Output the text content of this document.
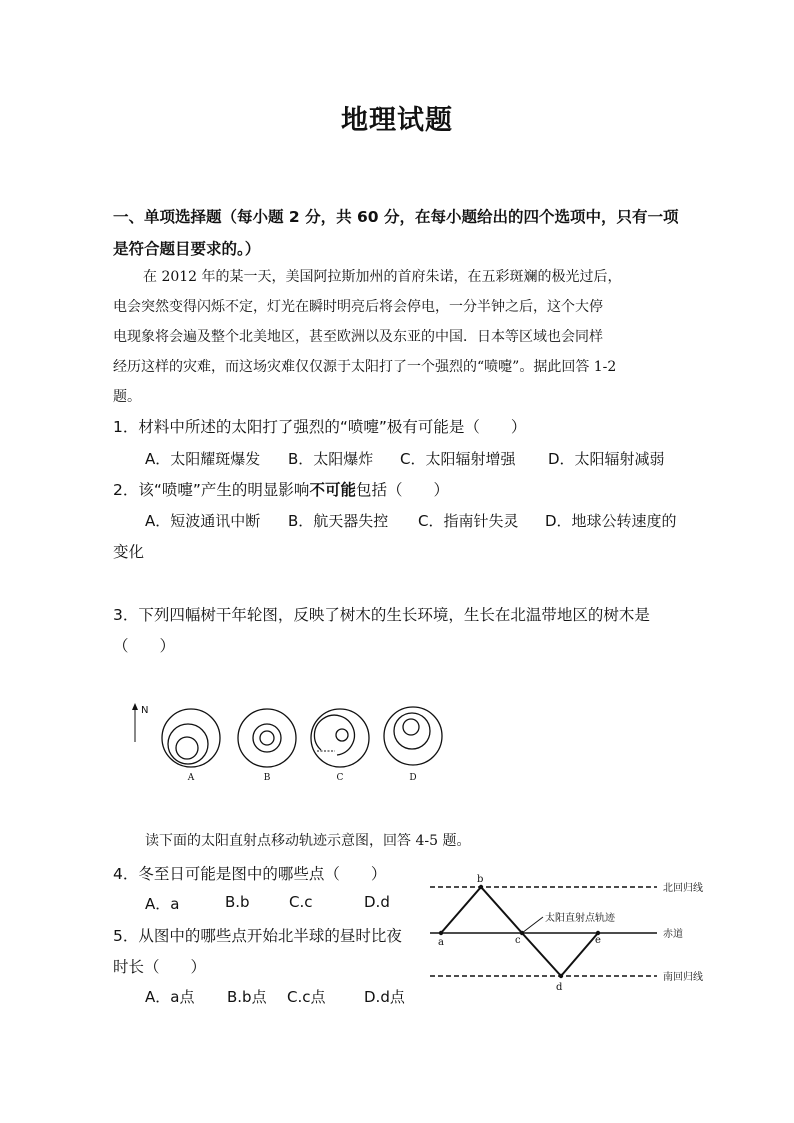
地理试题
一、单项选择题（每小题 2 分，共 60 分，在每小题给出的四个选项中，只有一项
是符合题目要求的。）
在 2012 年的某一天，美国阿拉斯加州的首府朱诺，在五彩斑斓的极光过后，
电会突然变得闪烁不定，灯光在瞬时明亮后将会停电，一分半钟之后，这个大停
电现象将会遍及整个北美地区，甚至欧洲以及东亚的中国．日本等区域也会同样
经历这样的灾难，而这场灾难仅仅源于太阳打了一个强烈的“喷嚏”。据此回答 1-2
题。
1．材料中所述的太阳打了强烈的“喷嚏”极有可能是（　　）
A．太阳耀斑爆发 B．太阳爆炸 C．太阳辐射增强 D．太阳辐射减弱
2．该“喷嚏”产生的明显影响不可能包括（　　）
A．短波通讯中断 B．航天器失控 C．指南针失灵 D．地球公转速度的
变化
3．下列四幅树干年轮图，反映了树木的生长环境，生长在北温带地区的树木是
（　　）
N
A	B	C	D
读下面的太阳直射点移动轨迹示意图，回答 4-5 题。
4．冬至日可能是图中的哪些点（　　）
A．a	B.b	C.c	D.d
5．从图中的哪些点开始北半球的昼时比夜
时长（　　）
A．a点 B.b点 C.c点	D.d点
a
b
c
d
e
太阳直射点轨迹
北回归线
赤道
南回归线
